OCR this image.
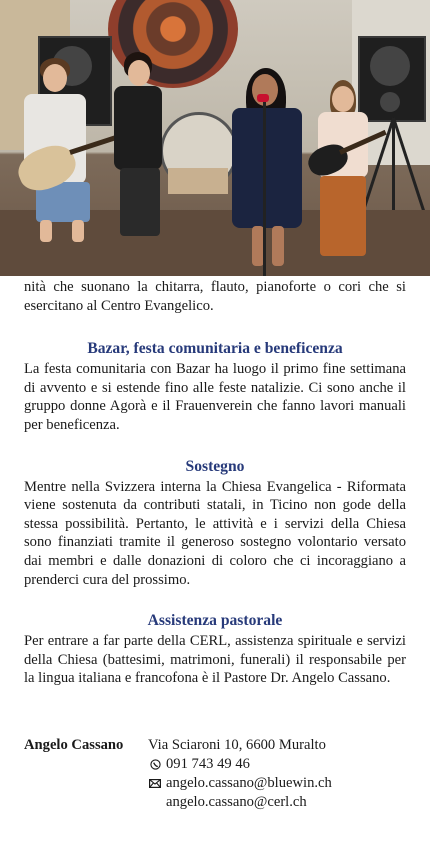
nità che suonano la chitarra, flauto, pianoforte o cori che si esercitano al Centro Evangelico.

Bazar, festa comunitaria e beneficenza

La festa comunitaria con Bazar ha luogo il primo fine settimana di avvento e si estende fino alle feste natalizie. Ci sono anche il gruppo donne Agorà e il Frauenverein che fanno lavori manuali per beneficenza.

Sostegno

Mentre nella Svizzera interna la Chiesa Evangelica - Riformata viene sostenuta da contributi statali, in Ticino non gode della stessa possibilità. Pertanto, le attività e i servizi della Chiesa sono finanziati tramite il generoso sostegno volontario versato dai membri e dalle donazioni di coloro che ci incoraggiano a prenderci cura del prossimo.

Assistenza pastorale

Per entrare a far parte della CERL, assistenza spirituale e servizi della Chiesa (battesimi, matrimoni, funerali) il responsabile per la lingua italiana e francofona è il Pastore Dr. Angelo Cassano.

Angelo Cassano Via Sciaroni 10, 6600 Muralto
091 743 49 46
angelo.cassano@bluewin.ch
angelo.cassano@cerl.ch
